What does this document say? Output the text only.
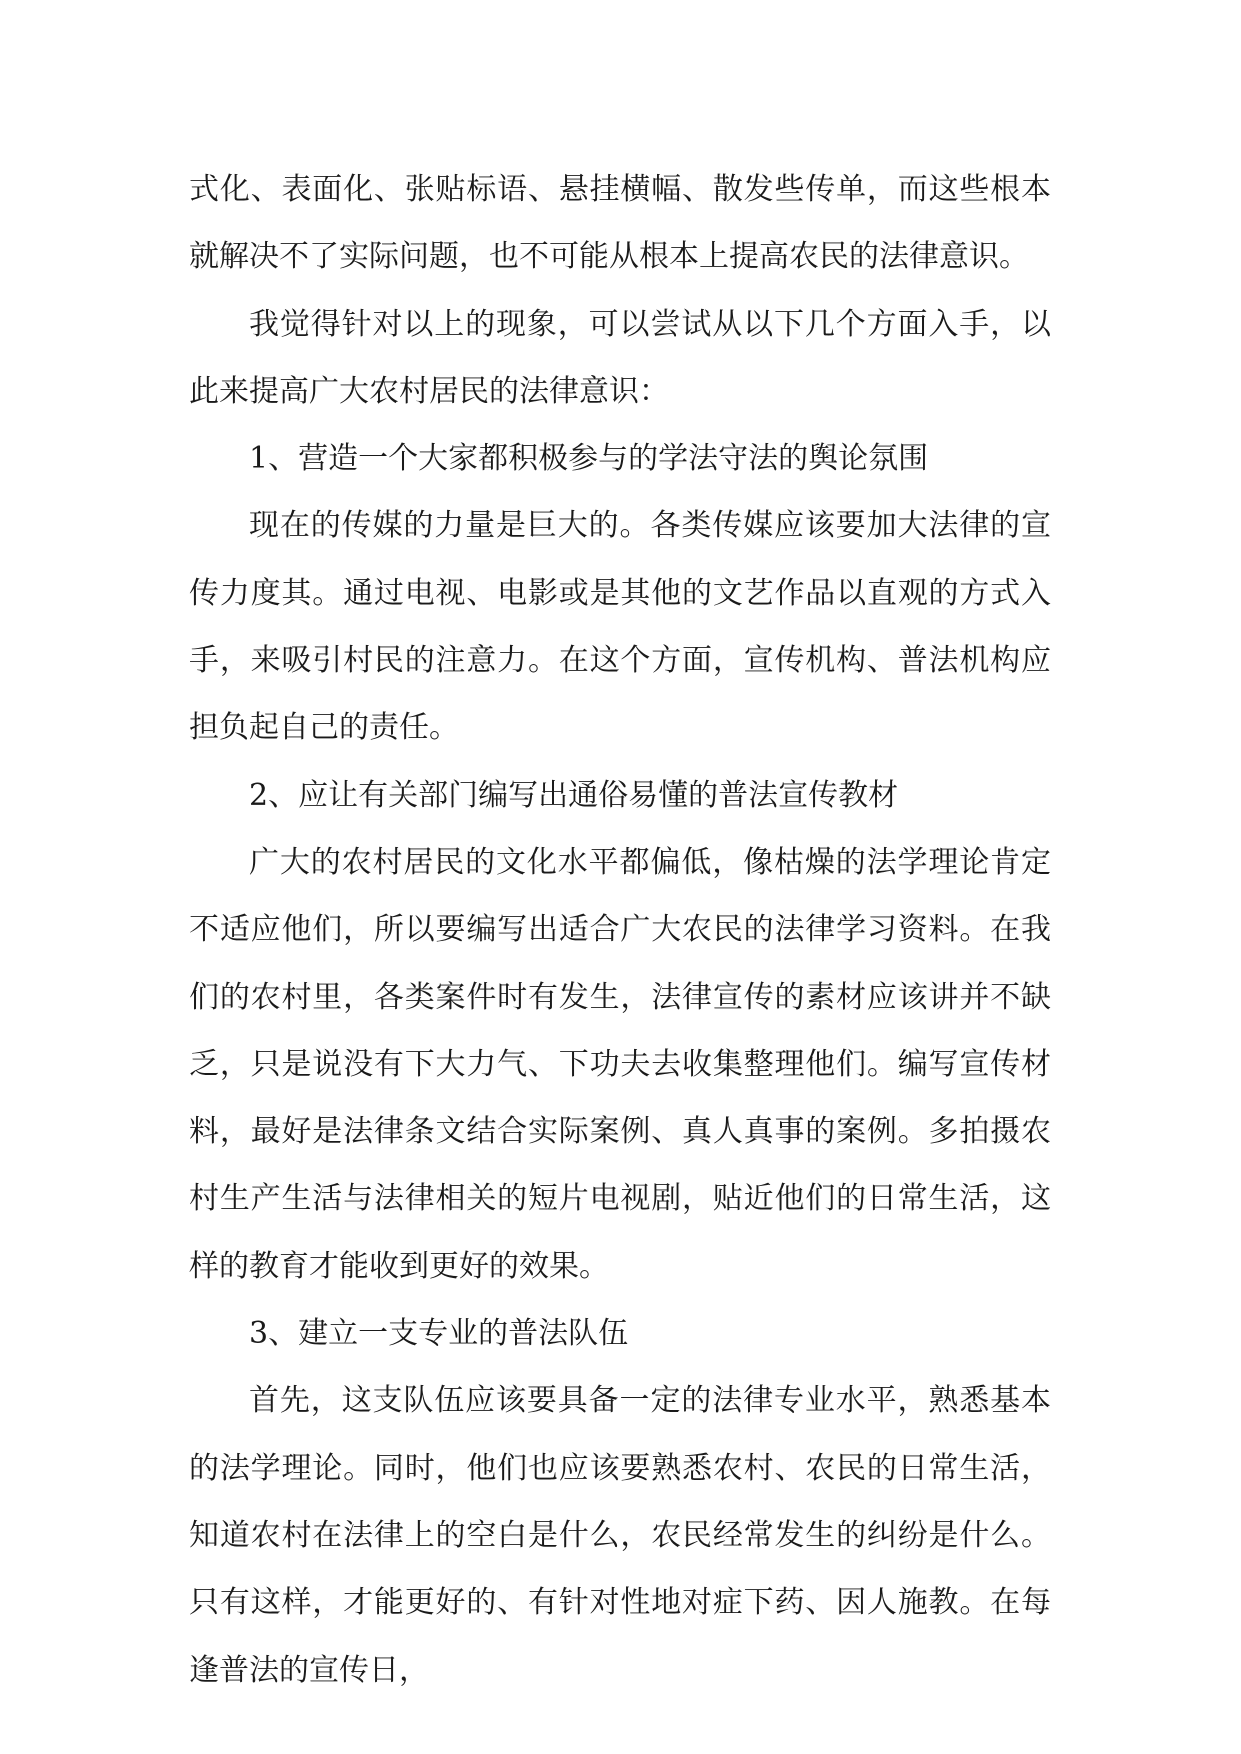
式化、表面化、张贴标语、悬挂横幅、散发些传单，而这些根本就解决不了实际问题，也不可能从根本上提高农民的法律意识。

我觉得针对以上的现象，可以尝试从以下几个方面入手，以此来提高广大农村居民的法律意识：

1、营造一个大家都积极参与的学法守法的舆论氛围

现在的传媒的力量是巨大的。各类传媒应该要加大法律的宣传力度其。通过电视、电影或是其他的文艺作品以直观的方式入手，来吸引村民的注意力。在这个方面，宣传机构、普法机构应担负起自己的责任。

2、应让有关部门编写出通俗易懂的普法宣传教材

广大的农村居民的文化水平都偏低，像枯燥的法学理论肯定不适应他们，所以要编写出适合广大农民的法律学习资料。在我们的农村里，各类案件时有发生，法律宣传的素材应该讲并不缺乏，只是说没有下大力气、下功夫去收集整理他们。编写宣传材料，最好是法律条文结合实际案例、真人真事的案例。多拍摄农村生产生活与法律相关的短片电视剧，贴近他们的日常生活，这样的教育才能收到更好的效果。

3、建立一支专业的普法队伍

首先，这支队伍应该要具备一定的法律专业水平，熟悉基本的法学理论。同时，他们也应该要熟悉农村、农民的日常生活，知道农村在法律上的空白是什么，农民经常发生的纠纷是什么。只有这样，才能更好的、有针对性地对症下药、因人施教。在每逢普法的宣传日，
